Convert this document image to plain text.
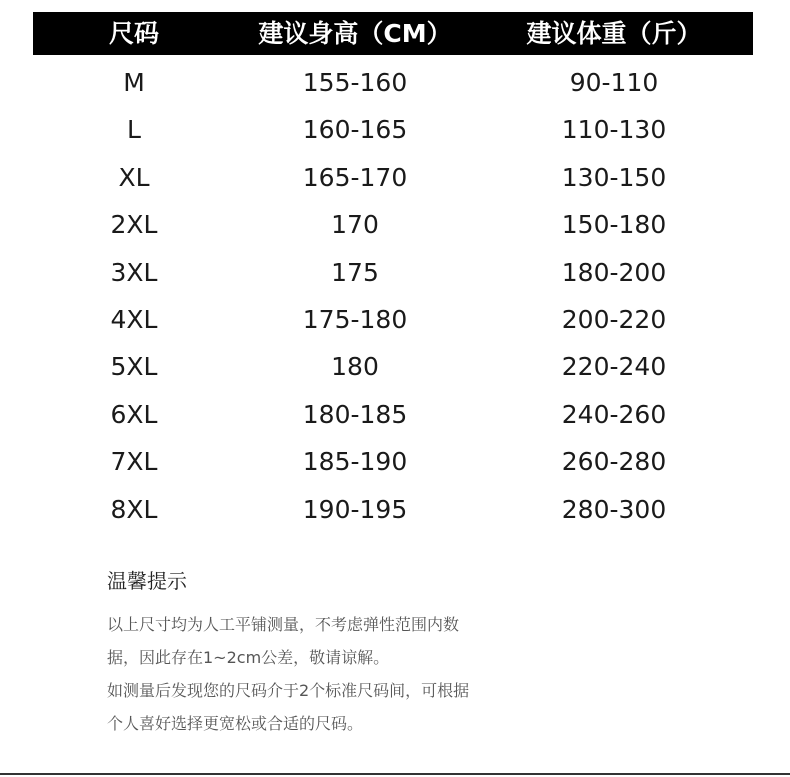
尺码	建议身高（CM）	建议体重（斤）
M	155-160	90-110
L	160-165	110-130
XL	165-170	130-150
2XL	170	150-180
3XL	175	180-200
4XL	175-180	200-220
5XL	180	220-240
6XL	180-185	240-260
7XL	185-190	260-280
8XL	190-195	280-300
温馨提示
以上尺寸均为人工平铺测量，不考虑弹性范围内数
据，因此存在1~2cm公差，敬请谅解。
如测量后发现您的尺码介于2个标准尺码间，可根据
个人喜好选择更宽松或合适的尺码。
